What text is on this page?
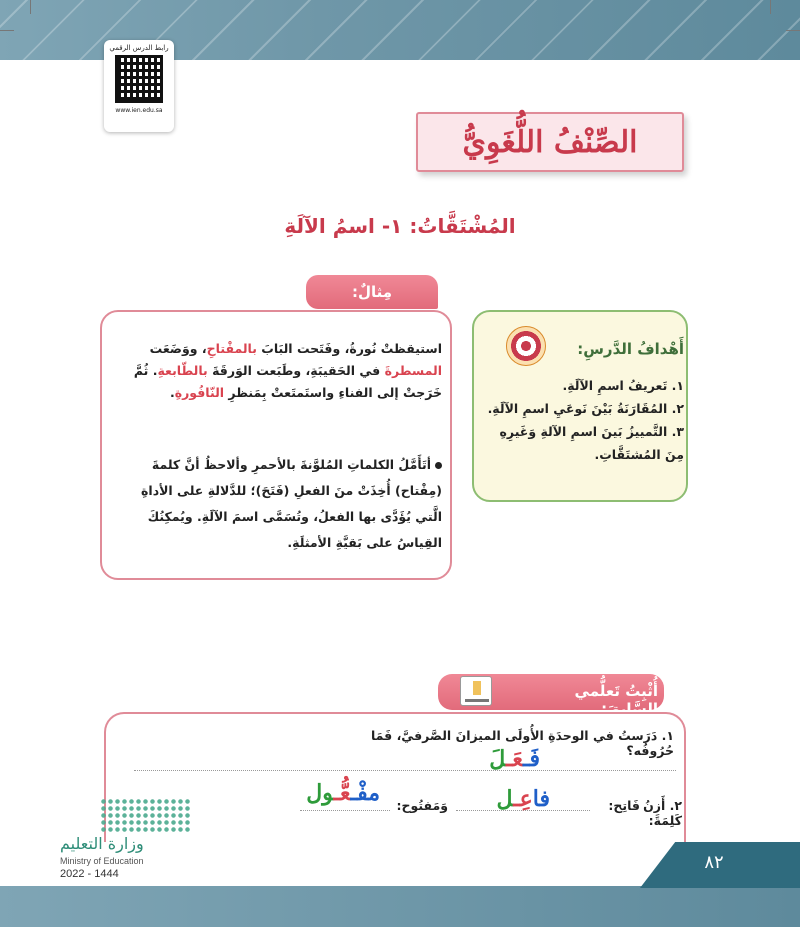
رابط الدرس الرقمي
www.ien.edu.sa
الصِّنْفُ اللُّغَوِيُّ
المُشْتَقَّاتُ: ١- اسمُ الآلَةِ
مِثالٌ:
استيقظتْ نُورةُ، وفَتَحت البَابَ بالمفْتاحِ، ووَضَعَت المسطرةَ في الحَقيبَةِ، وطَبَعت الوَرقَةَ بالطّابعةِ. ثُمَّ خَرَجتْ إلى الفناءِ واستَمتَعتْ بِمَنظرِ النّافُورةِ.
أتَأَمَّلُ الكلماتِ المُلوَّنةَ بالأحمرِ وألاحظُ أنَّ كلمةَ (مِفْتاح) أُخِذَتْ منَ الفعلِ (فَتَحَ)؛ للدَّلالةِ على الأداةِ الَّتي يُؤَدَّى بها الفعلُ، وتُسَمَّى اسمَ الآلَةِ. ويُمكِنُكَ القِياسُ على بَقيَّةِ الأمثلَةِ.
أَهْدافُ الدَّرسِ:
١. تَعريفُ اسمِ الآلَةِ.
٢. المُقَارَنَةُ بَيْنَ نَوعَيِ اسمِ الآلَةِ.
٣. التَّمييزُ بَينَ اسمِ الآلةِ وَغَيرِهِ مِنَ المُشتَقَّاتِ.
أُثْبِتُ تَعلُّمي السَّابقَ:
١. دَرَستُ في الوحدَةِ الأُولَى الميزانَ الصَّرفيَّ، فَمَا حُرُوفُه؟
فَـعَـلَ
٢. أَزِنُ كَلِمَةَ:
فَاتِح:
فاعِـل
وَمَفتُوح:
مفْـعُّـول
وزارة التعليم
Ministry of Education
2022 - 1444
٨٢
